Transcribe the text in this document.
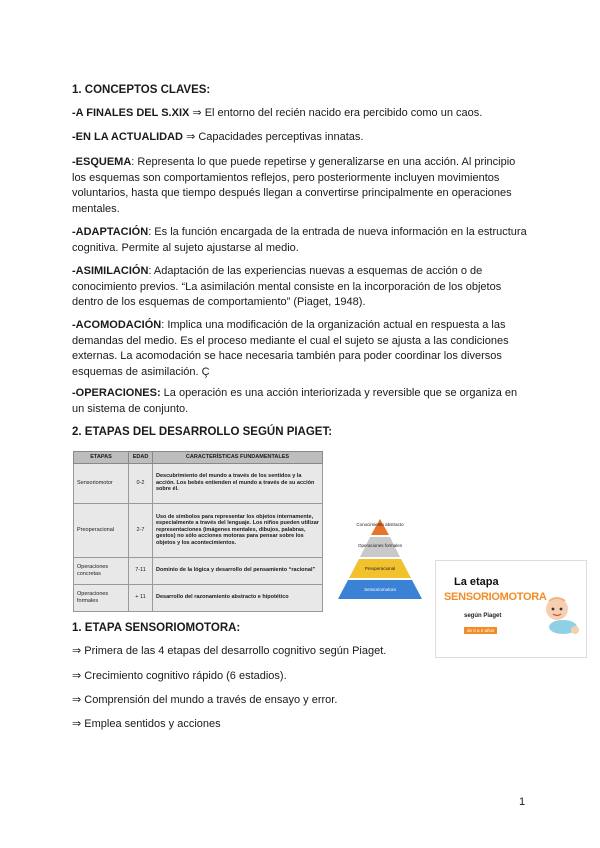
1. CONCEPTOS CLAVES:
-A FINALES DEL S.XIX ⇒ El entorno del recién nacido era percibido como un caos.
-EN LA ACTUALIDAD ⇒ Capacidades perceptivas innatas.
-ESQUEMA: Representa lo que puede repetirse y generalizarse en una acción. Al principio los esquemas son comportamientos reflejos, pero posteriormente incluyen movimientos voluntarios, hasta que tiempo después llegan a convertirse principalmente en operaciones mentales.
-ADAPTACIÓN: Es la función encargada de la entrada de nueva información en la estructura cognitiva. Permite al sujeto ajustarse al medio.
-ASIMILACIÓN: Adaptación de las experiencias nuevas a esquemas de acción o de conocimiento previos. “La asimilación mental consiste en la incorporación de los objetos dentro de los esquemas de comportamiento” (Piaget, 1948).
-ACOMODACIÓN: Implica una modificación de la organización actual en respuesta a las demandas del medio. Es el proceso mediante el cual el sujeto se ajusta a las condiciones externas. La acomodación se hace necesaria también para poder coordinar los diversos esquemas de asimilación. Ç
-OPERACIONES: La operación es una acción interiorizada y reversible que se organiza en un sistema de conjunto.
2. ETAPAS DEL DESARROLLO SEGÚN PIAGET:
ETAPAS	EDAD	CARACTERÍSTICAS FUNDAMENTALES
Sensoriomotor	0-2	Descubrimiento del mundo a través de los sentidos y la acción. Los bebés entienden el mundo a través de su acción sobre él.
Preoperacional	2-7	Uso de símbolos para representar los objetos internamente, especialmente a través del lenguaje. Los niños pueden utilizar representaciones (imágenes mentales, dibujos, palabras, gestos) no sólo acciones motoras para pensar sobre los objetos y los acontecimientos.
Operaciones concretas	7-11	Dominio de la lógica y desarrollo del pensamiento “racional”
Operaciones formales	+ 11	Desarrollo del razonamiento abstracto e hipotético
Conocimiento abstracto
Operaciones formales
Preoperacional
Sensoriomotora
La etapa
SENSORIOMOTORA
según Piaget
de 0 a 2 años
1. ETAPA SENSORIOMOTORA:
⇒ Primera de las 4 etapas del desarrollo cognitivo según Piaget.
⇒ Crecimiento cognitivo rápido (6 estadios).
⇒ Comprensión del mundo a través de ensayo y error.
⇒ Emplea sentidos y acciones
1
